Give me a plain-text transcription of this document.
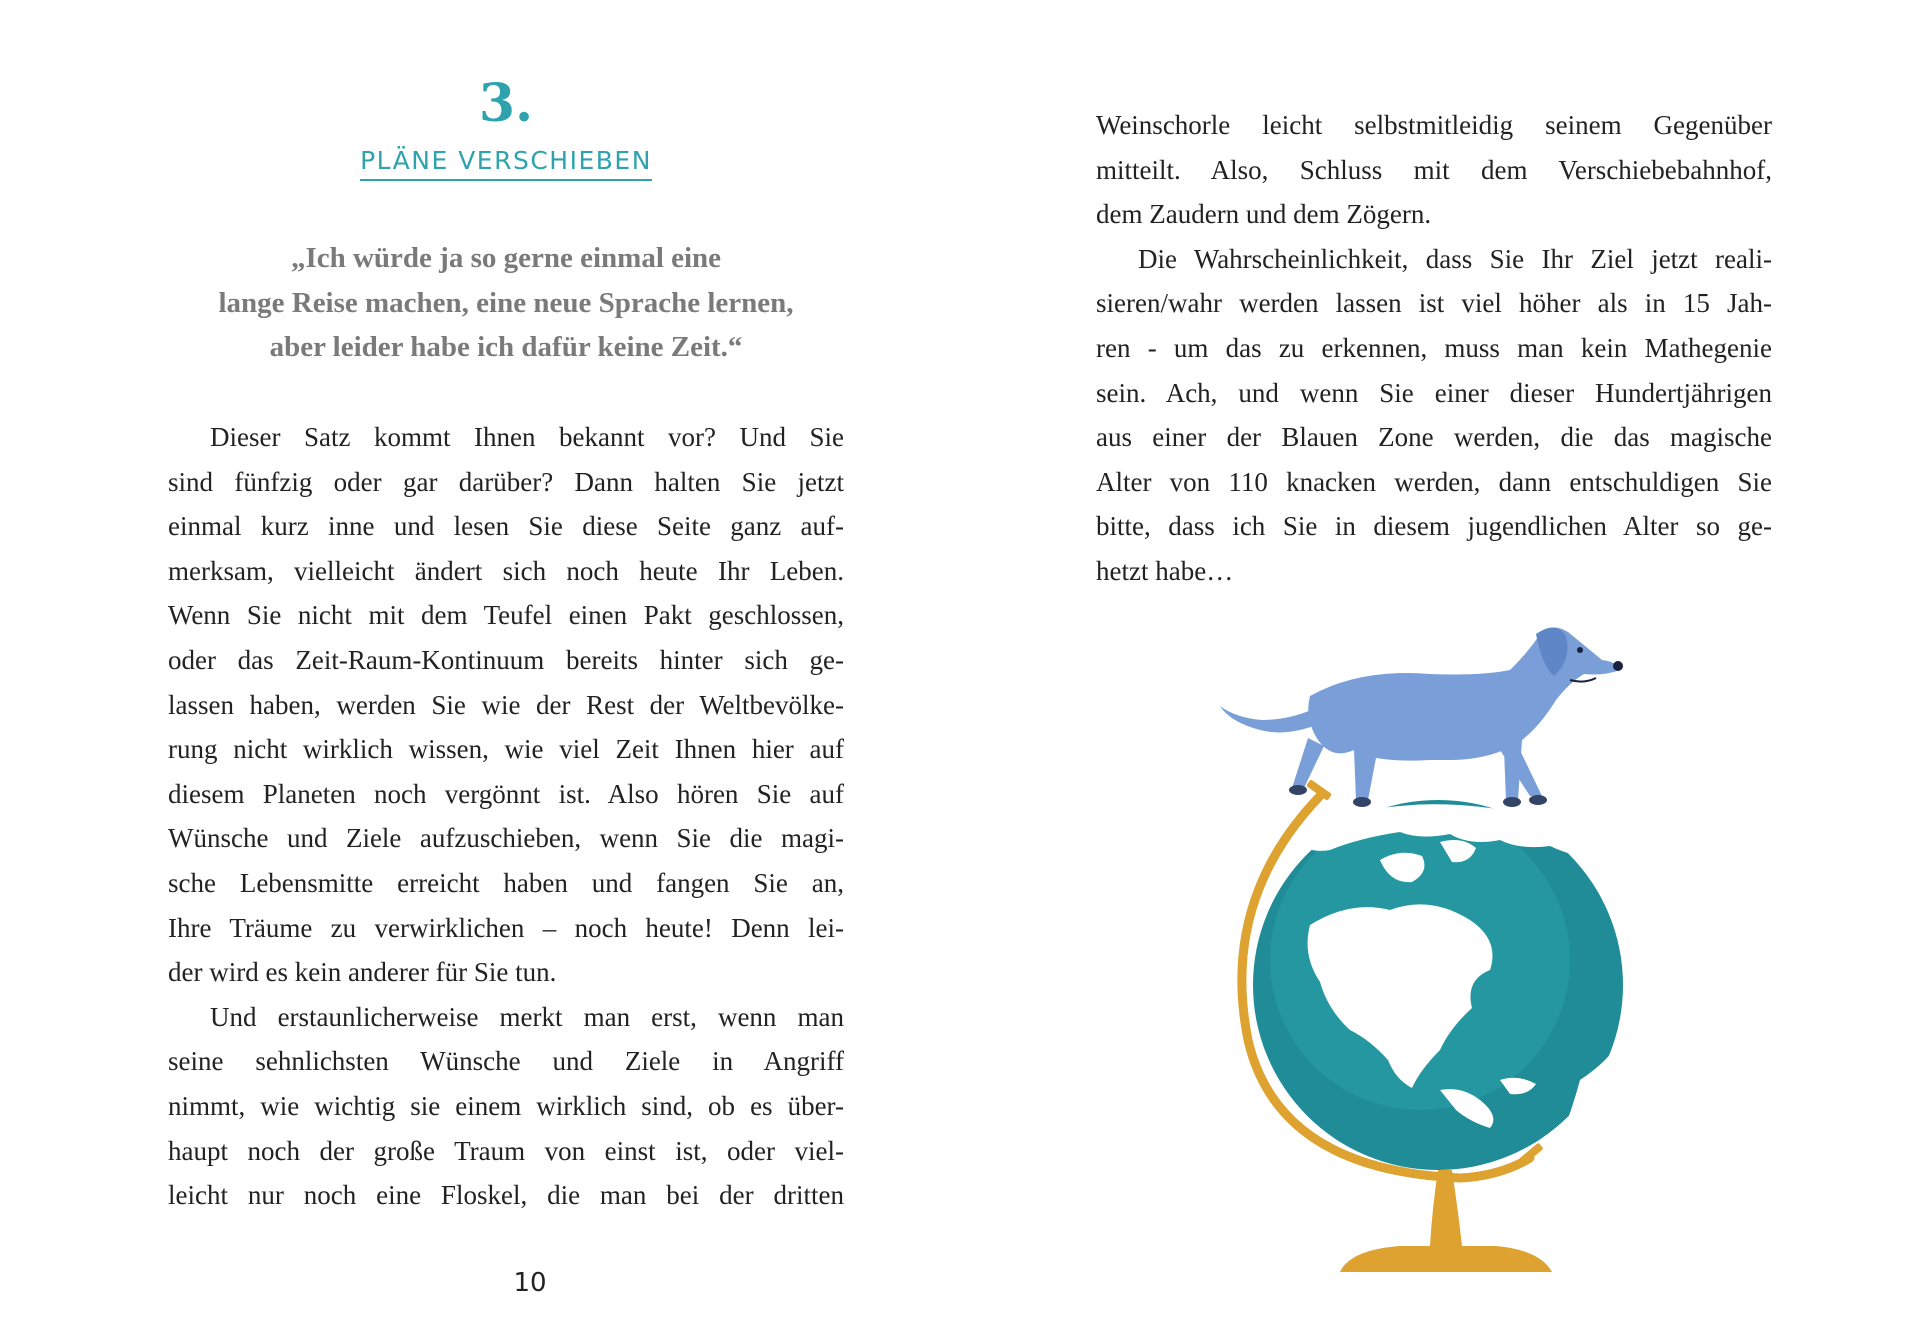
3.
PLÄNE VERSCHIEBEN
„Ich würde ja so gerne einmal eine
lange Reise machen, eine neue Sprache lernen,
aber leider habe ich dafür keine Zeit.“
Dieser Satz kommt Ihnen bekannt vor? Und Sie
sind fünfzig oder gar darüber? Dann halten Sie jetzt
einmal kurz inne und lesen Sie diese Seite ganz auf-
merksam, vielleicht ändert sich noch heute Ihr Leben.
Wenn Sie nicht mit dem Teufel einen Pakt geschlossen,
oder das Zeit-Raum-Kontinuum bereits hinter sich ge-
lassen haben, werden Sie wie der Rest der Weltbevölke-
rung nicht wirklich wissen, wie viel Zeit Ihnen hier auf
diesem Planeten noch vergönnt ist. Also hören Sie auf
Wünsche und Ziele aufzuschieben, wenn Sie die magi-
sche Lebensmitte erreicht haben und fangen Sie an,
Ihre Träume zu verwirklichen – noch heute! Denn lei-
der wird es kein anderer für Sie tun.
Und erstaunlicherweise merkt man erst, wenn man
seine sehnlichsten Wünsche und Ziele in Angriff
nimmt, wie wichtig sie einem wirklich sind, ob es über-
haupt noch der große Traum von einst ist, oder viel-
leicht nur noch eine Floskel, die man bei der dritten
10
Weinschorle leicht selbstmitleidig seinem Gegenüber
mitteilt. Also, Schluss mit dem Verschiebebahnhof,
dem Zaudern und dem Zögern.
Die Wahrscheinlichkeit, dass Sie Ihr Ziel jetzt reali-
sieren/wahr werden lassen ist viel höher als in 15 Jah-
ren - um das zu erkennen, muss man kein Mathegenie
sein. Ach, und wenn Sie einer dieser Hundertjährigen
aus einer der Blauen Zone werden, die das magische
Alter von 110 knacken werden, dann entschuldigen Sie
bitte, dass ich Sie in diesem jugendlichen Alter so ge-
hetzt habe…
